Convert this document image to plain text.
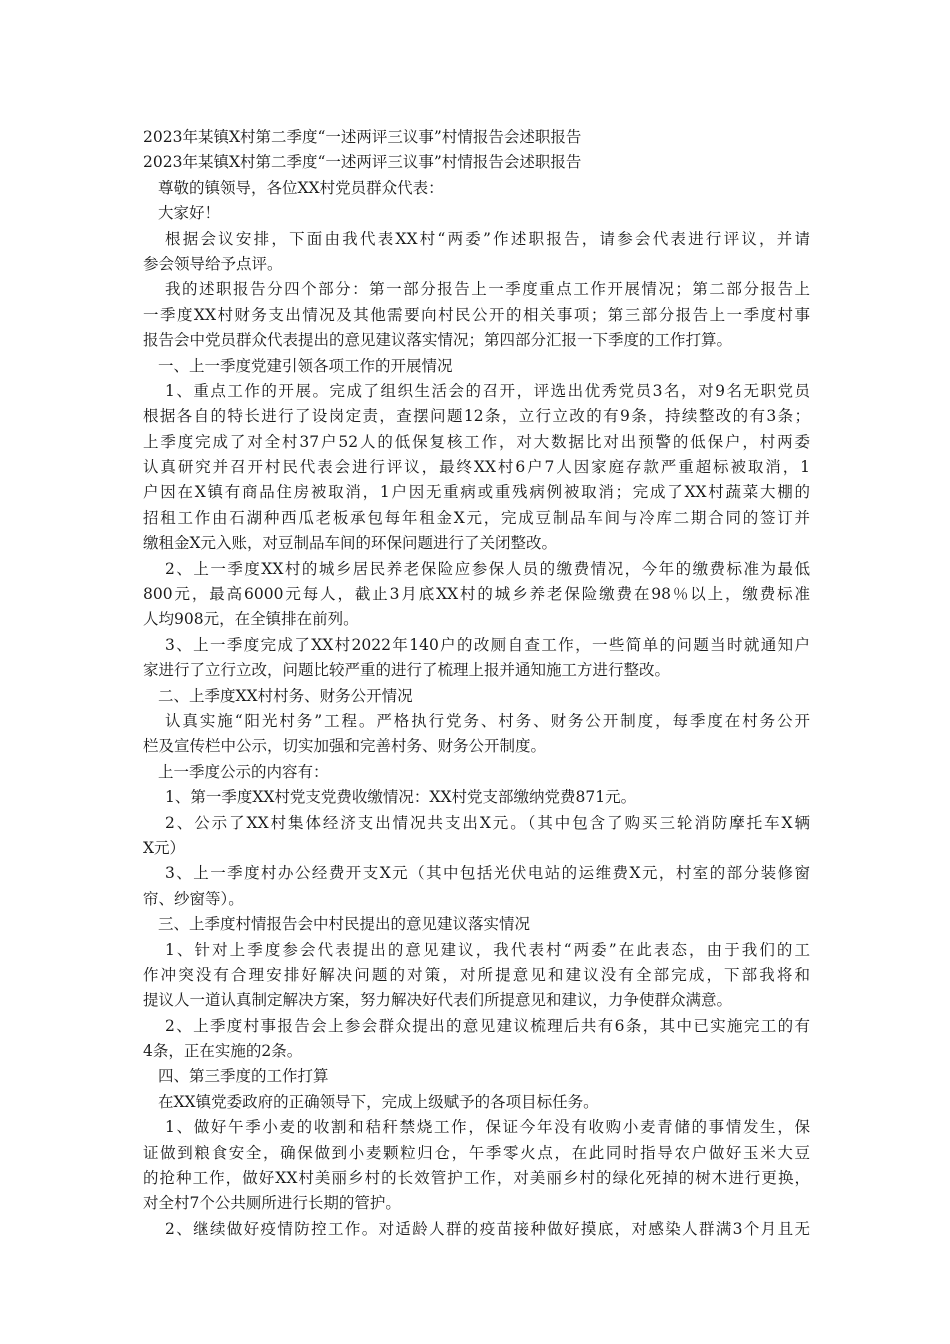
2023年某镇X村第二季度“一述两评三议事”村情报告会述职报告
2023年某镇X村第二季度“一述两评三议事”村情报告会述职报告
尊敬的镇领导，各位XX村党员群众代表：
大家好！
根据会议安排，下面由我代表XX村“两委”作述职报告，请参会代表进行评议，并请
参会领导给予点评。
我的述职报告分四个部分：第一部分报告上一季度重点工作开展情况；第二部分报告上
一季度XX村财务支出情况及其他需要向村民公开的相关事项；第三部分报告上一季度村事
报告会中党员群众代表提出的意见建议落实情况；第四部分汇报一下季度的工作打算。
一、上一季度党建引领各项工作的开展情况
1、重点工作的开展。完成了组织生活会的召开，评选出优秀党员3名，对9名无职党员
根据各自的特长进行了设岗定责，查摆问题12条，立行立改的有9条，持续整改的有3条；
上季度完成了对全村37户52人的低保复核工作，对大数据比对出预警的低保户，村两委
认真研究并召开村民代表会进行评议，最终XX村6户7人因家庭存款严重超标被取消，1
户因在X镇有商品住房被取消，1户因无重病或重残病例被取消；完成了XX村蔬菜大棚的
招租工作由石湖种西瓜老板承包每年租金X元，完成豆制品车间与冷库二期合同的签订并
缴租金X元入账，对豆制品车间的环保问题进行了关闭整改。
2、上一季度XX村的城乡居民养老保险应参保人员的缴费情况，今年的缴费标准为最低
800元，最高6000元每人，截止3月底XX村的城乡养老保险缴费在98％以上，缴费标准
人均908元，在全镇排在前列。
3、上一季度完成了XX村2022年140户的改厕自查工作，一些简单的问题当时就通知户
家进行了立行立改，问题比较严重的进行了梳理上报并通知施工方进行整改。
二、上季度XX村村务、财务公开情况
认真实施“阳光村务”工程。严格执行党务、村务、财务公开制度，每季度在村务公开
栏及宣传栏中公示，切实加强和完善村务、财务公开制度。
上一季度公示的内容有：
1、第一季度XX村党支党费收缴情况：XX村党支部缴纳党费871元。
2、公示了XX村集体经济支出情况共支出X元。（其中包含了购买三轮消防摩托车X辆
X元）
3、上一季度村办公经费开支X元（其中包括光伏电站的运维费X元，村室的部分装修窗
帘、纱窗等）。
三、上季度村情报告会中村民提出的意见建议落实情况
1、针对上季度参会代表提出的意见建议，我代表村“两委”在此表态，由于我们的工
作冲突没有合理安排好解决问题的对策，对所提意见和建议没有全部完成，下部我将和
提议人一道认真制定解决方案，努力解决好代表们所提意见和建议，力争使群众满意。
2、上季度村事报告会上参会群众提出的意见建议梳理后共有6条，其中已实施完工的有
4条，正在实施的2条。
四、第三季度的工作打算
在XX镇党委政府的正确领导下，完成上级赋予的各项目标任务。
1、做好午季小麦的收割和秸秆禁烧工作，保证今年没有收购小麦青储的事情发生，保
证做到粮食安全，确保做到小麦颗粒归仓，午季零火点，在此同时指导农户做好玉米大豆
的抢种工作，做好XX村美丽乡村的长效管护工作，对美丽乡村的绿化死掉的树木进行更换，
对全村7个公共厕所进行长期的管护。
2、继续做好疫情防控工作。对适龄人群的疫苗接种做好摸底，对感染人群满3个月且无
